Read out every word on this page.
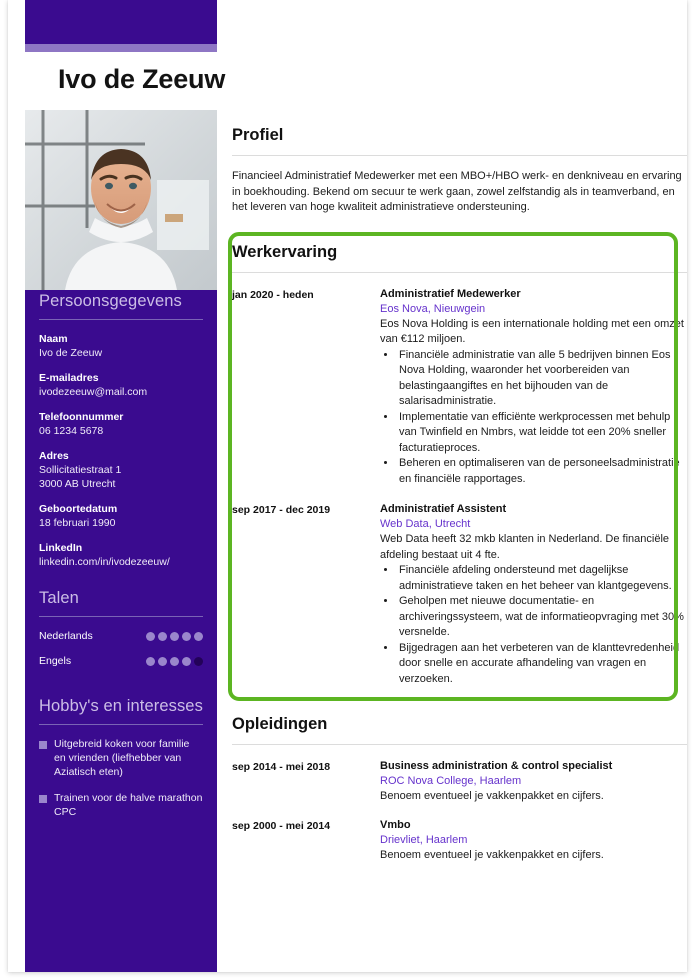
Ivo de Zeeuw
Persoonsgegevens
Naam
Ivo de Zeeuw
E-mailadres
ivodezeeuw@mail.com
Telefoonnummer
06 1234 5678
Adres
Sollicitatiestraat 1
3000 AB Utrecht
Geboortedatum
18 februari 1990
LinkedIn
linkedin.com/in/ivodezeeuw/
Talen
Nederlands
Engels
Hobby's en interesses
Uitgebreid koken voor familie en vrienden (liefhebber van Aziatisch eten)
Trainen voor de halve marathon CPC
Profiel
Financieel Administratief Medewerker met een MBO+/HBO werk- en denkniveau en ervaring in boekhouding. Bekend om secuur te werk gaan, zowel zelfstandig als in teamverband, en het leveren van hoge kwaliteit administratieve ondersteuning.
Werkervaring
jan 2020 - heden	Administratief Medewerker
Eos Nova, Nieuwgein
Eos Nova Holding is een internationale holding met een omzet van €112 miljoen.
• Financiële administratie van alle 5 bedrijven binnen Eos Nova Holding, waaronder het voorbereiden van belastingaangiftes en het bijhouden van de salarisadministratie.
• Implementatie van efficiënte werkprocessen met behulp van Twinfield en Nmbrs, wat leidde tot een 20% sneller facturatieproces.
• Beheren en optimaliseren van de personeelsadministratie en financiële rapportages.
sep 2017 - dec 2019	Administratief Assistent
Web Data, Utrecht
Web Data heeft 32 mkb klanten in Nederland. De financiële afdeling bestaat uit 4 fte.
• Financiële afdeling ondersteund met dagelijkse administratieve taken en het beheer van klantgegevens.
• Geholpen met nieuwe documentatie- en archiveringssysteem, wat de informatieopvraging met 30% versnelde.
• Bijgedragen aan het verbeteren van de klanttevredenheid door snelle en accurate afhandeling van vragen en verzoeken.
Opleidingen
sep 2014 - mei 2018	Business administration & control specialist
ROC Nova College, Haarlem
Benoem eventueel je vakkenpakket en cijfers.
sep 2000 - mei 2014	Vmbo
Drievliet, Haarlem
Benoem eventueel je vakkenpakket en cijfers.
